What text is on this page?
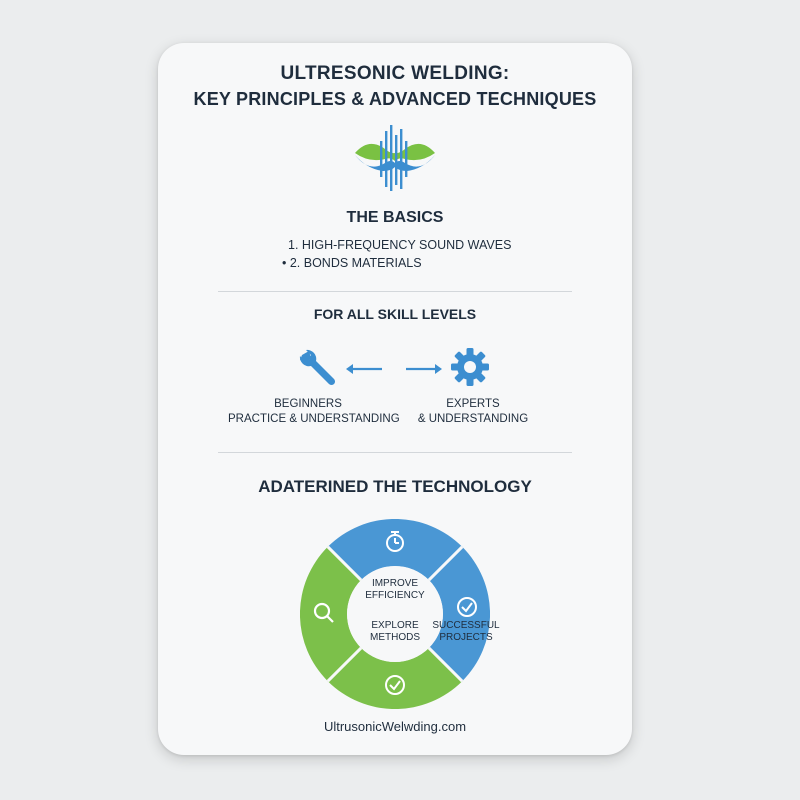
ULTRESONIC WELDING:
KEY PRINCIPLES & ADVANCED TECHNIQUES
THE BASICS
1. HIGH-FREQUENCY SOUND WAVES
• 2. BONDS MATERIALS
FOR ALL SKILL LEVELS
BEGINNERS
PRACTICE & UNDERSTANDING
EXPERTS
& UNDERSTANDING
ADATERINED THE TECHNOLOGY
IMPROVE
EFFICIENCY
EXPLORE
METHODS
SUCCESSFUL
PROJECTS
UltrusonicWelwding.com
